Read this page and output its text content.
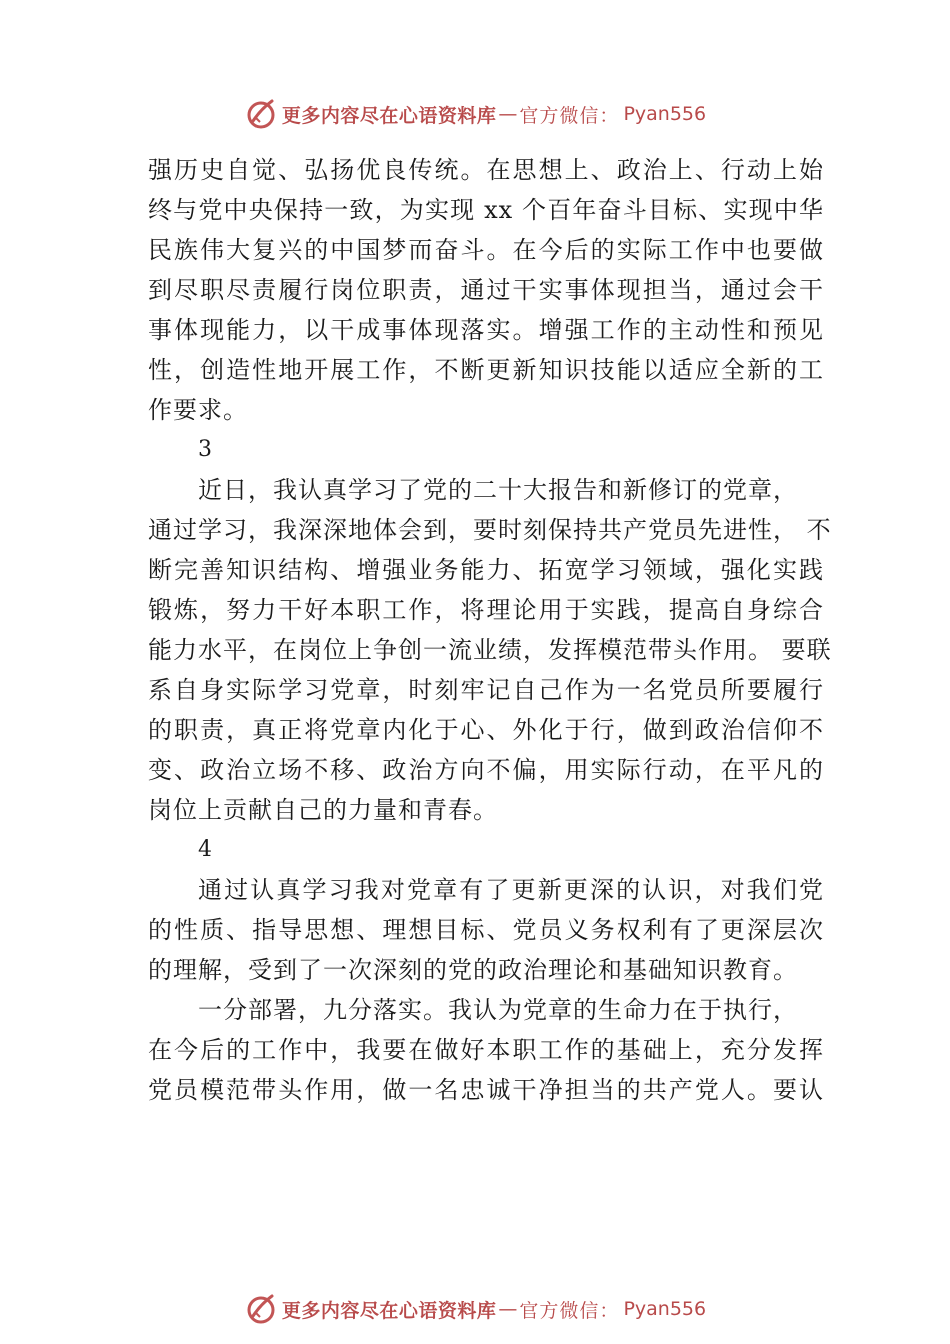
更多内容尽在心语资料库 — 官方微信： Pyan556
强历史自觉、弘扬优良传统。在思想上、政治上、行动上始
终与党中央保持一致，为实现 xx 个百年奋斗目标、实现中华
民族伟大复兴的中国梦而奋斗。在今后的实际工作中也要做
到尽职尽责履行岗位职责，通过干实事体现担当，通过会干
事体现能力，以干成事体现落实。增强工作的主动性和预见
性，创造性地开展工作，不断更新知识技能以适应全新的工
作要求。
3
近日，我认真学习了党的二十大报告和新修订的党章，
通过学习，我深深地体会到，要时刻保持共产党员先进性， 不
断完善知识结构、增强业务能力、拓宽学习领域，强化实践
锻炼，努力干好本职工作，将理论用于实践，提高自身综合
能力水平，在岗位上争创一流业绩，发挥模范带头作用。 要联
系自身实际学习党章，时刻牢记自己作为一名党员所要履行
的职责，真正将党章内化于心、外化于行，做到政治信仰不
变、政治立场不移、政治方向不偏，用实际行动，在平凡的
岗位上贡献自己的力量和青春。
4
通过认真学习我对党章有了更新更深的认识，对我们党
的性质、指导思想、理想目标、党员义务权利有了更深层次
的理解，受到了一次深刻的党的政治理论和基础知识教育。
一分部署，九分落实。我认为党章的生命力在于执行，
在今后的工作中，我要在做好本职工作的基础上，充分发挥
党员模范带头作用，做一名忠诚干净担当的共产党人。要认
更多内容尽在心语资料库 — 官方微信： Pyan556
